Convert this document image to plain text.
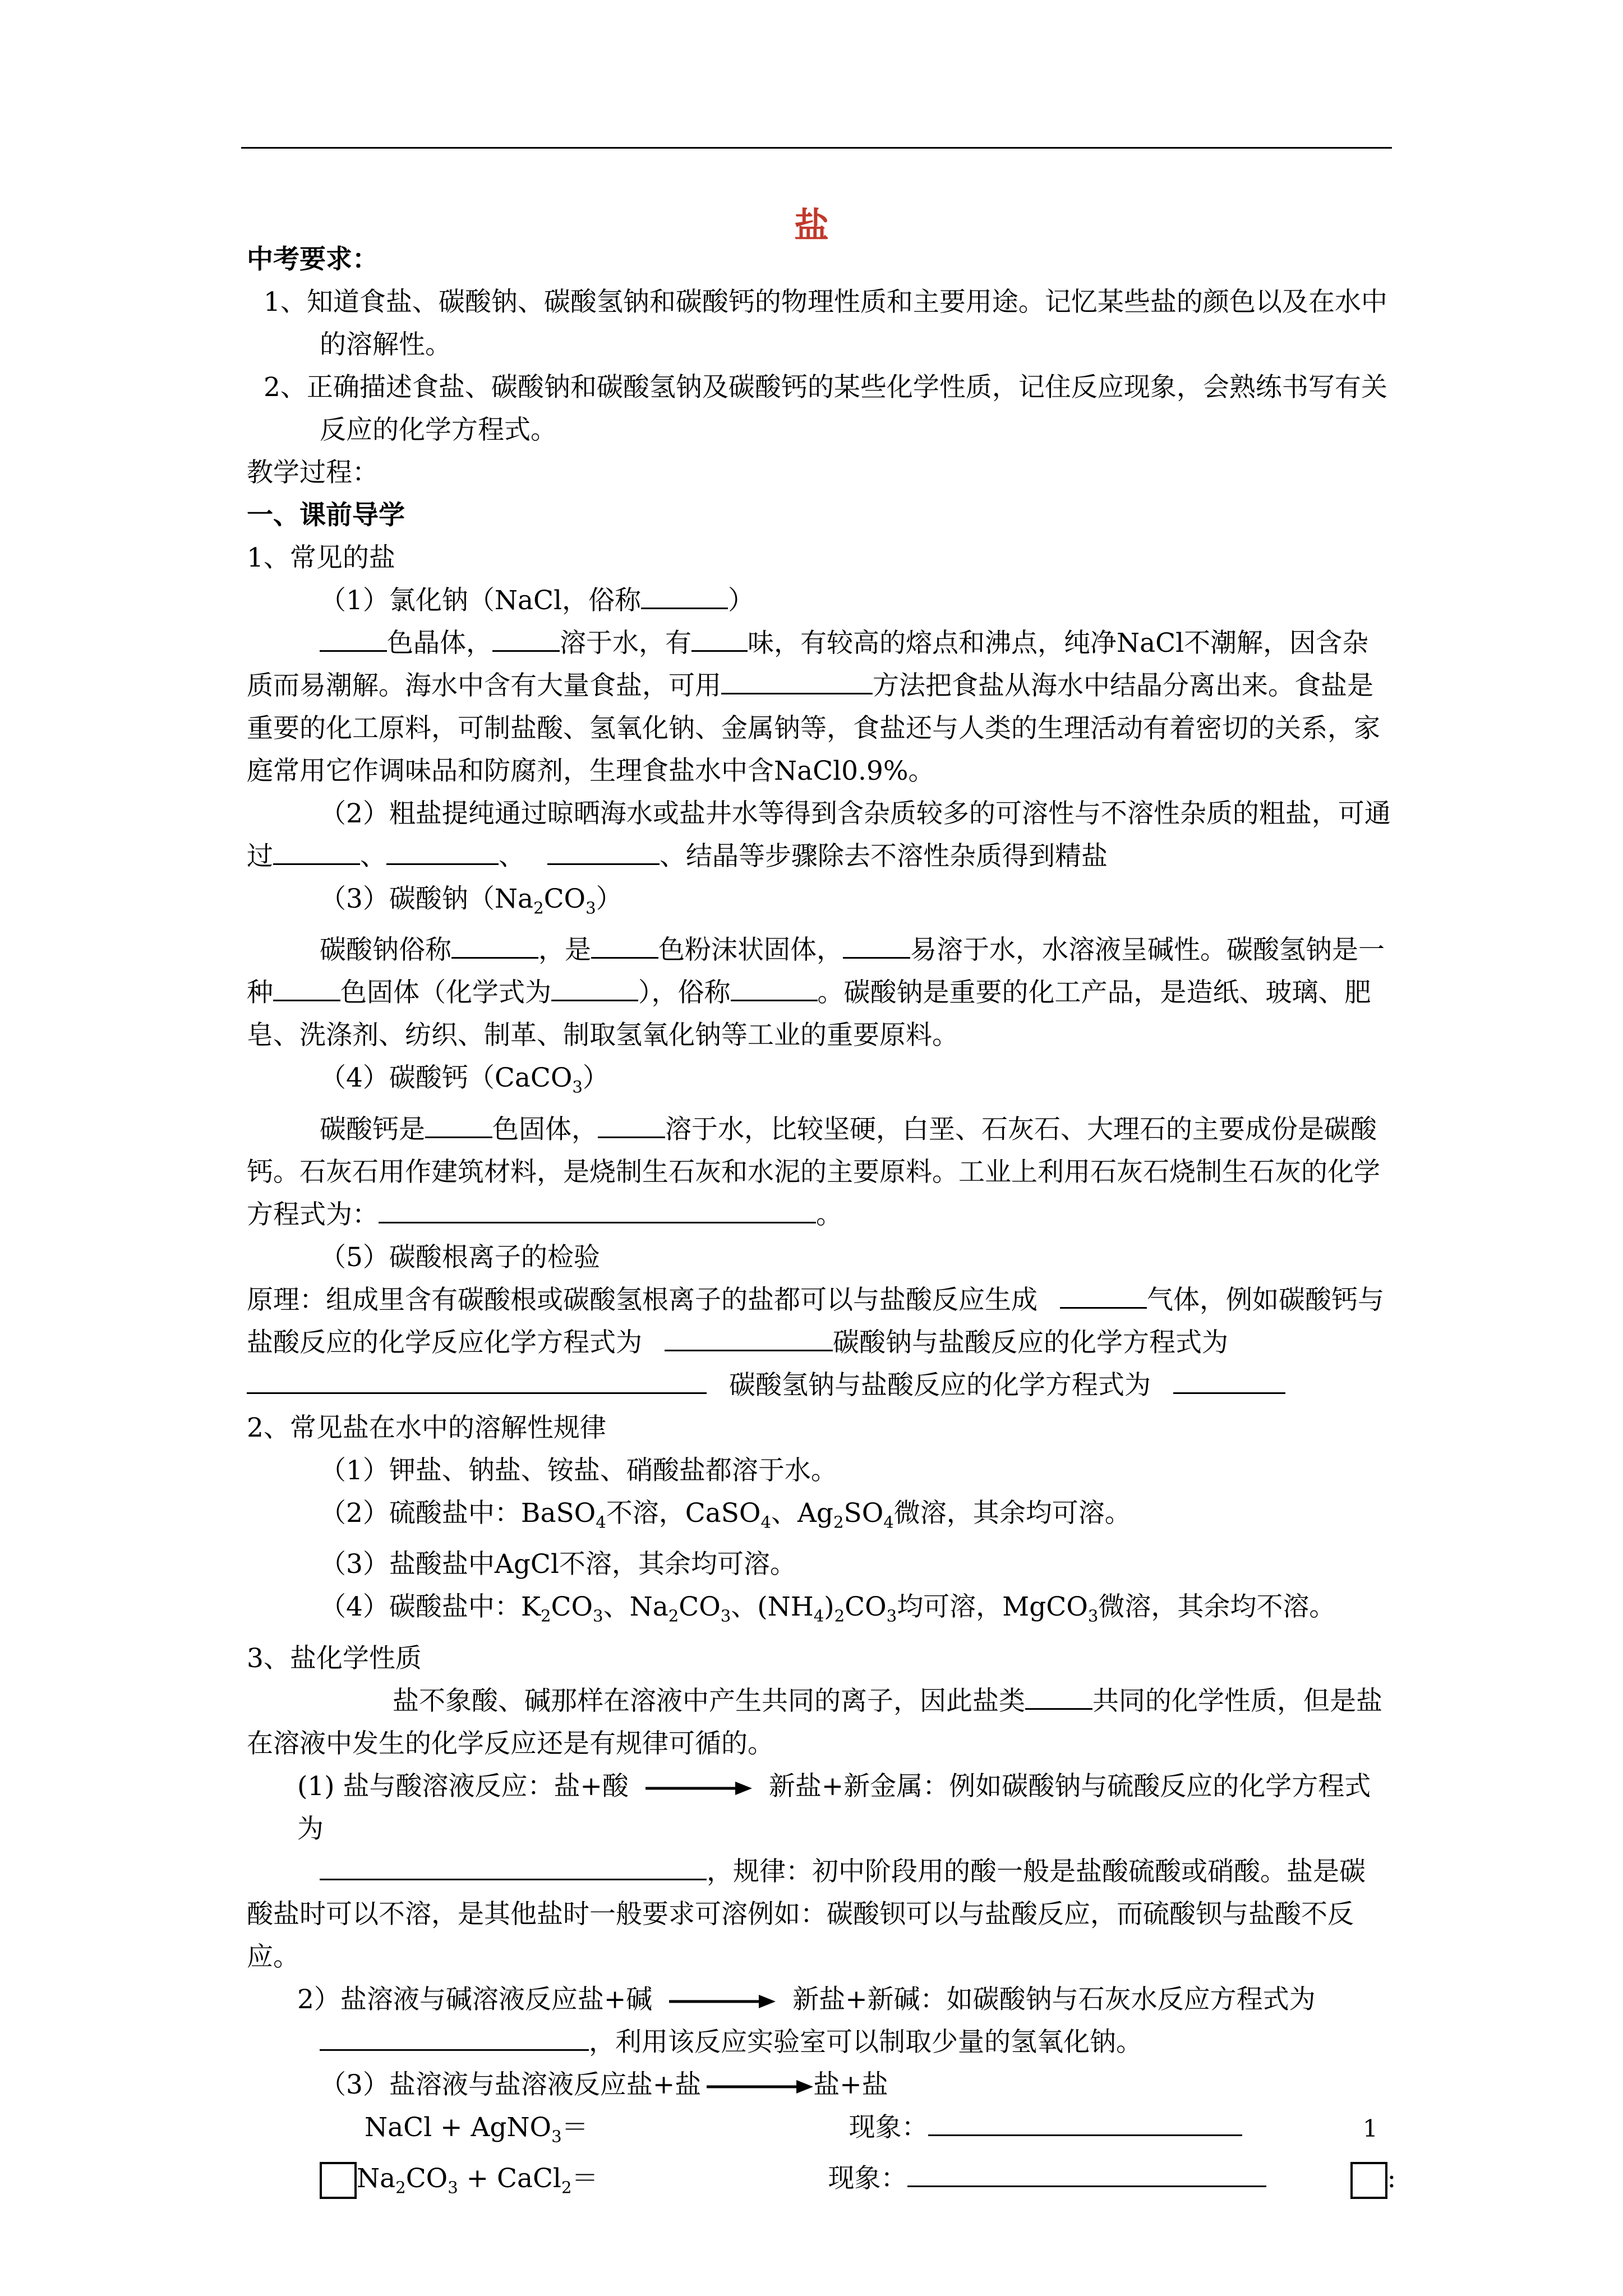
盐

中考要求：

1、知道食盐、碳酸钠、碳酸氢钠和碳酸钙的物理性质和主要用途。记忆某些盐的颜色以及在水中的溶解性。

2、正确描述食盐、碳酸钠和碳酸氢钠及碳酸钙的某些化学性质，记住反应现象，会熟练书写有关反应的化学方程式。

教学过程：

一、课前导学

1、常见的盐

（1）氯化钠（NaCl，俗称	）

色晶体，	溶于水，有 味，有较高的熔点和沸点，纯净NaCl不潮解，因含杂质而易潮解。海水中含有大量食盐，可用	方法把食盐从海水中结晶分离出来。食盐是重要的化工原料，可制盐酸、氢氧化钠、金属钠等，食盐还与人类的生理活动有着密切的关系，家庭常用它作调味品和防腐剂，生理食盐水中含NaCl0.9%。

（2）粗盐提纯通过晾晒海水或盐井水等得到含杂质较多的可溶性与不溶性杂质的粗盐，可通过	、	、	、结晶等步骤除去不溶性杂质得到精盐

（3）碳酸钠$(Na_2CO_3)$

碳酸钠俗称	，是	色粉沫状固体，	易溶于水，水溶液呈碱性。碳酸氢钠是一种	色固体（化学式为	），俗称	。碳酸钠是重要的化工产品，是造纸、玻璃、肥皂、洗涤剂、纺织、制革、制取氢氧化钠等工业的重要原料。

（4）碳酸钙（CaCO$_3$）

碳酸钙是	色固体，	溶于水，比较坚硬，白垩、石灰石、大理石的主要成份是碳酸钙。石灰石用作建筑材料，是烧制生石灰和水泥的主要原料。工业上利用石灰石烧制生石灰的化学方程式为：	。

（5）碳酸根离子的检验

原理：组成里含有碳酸根或碳酸氢根离子的盐都可以与盐酸反应生成	气体，例如碳酸钙与盐酸反应的化学反应化学方程式为	碳酸钠与盐酸反应的化学方程式为碳酸氢钠与盐酸反应的化学方程式为

2、常见盐在水中的溶解性规律

（1）钾盐、钠盐、铵盐、硝酸盐都溶于水。

（2）硫酸盐中：BaSO$_4$不溶，CaSO$_4$、$Ag_2SO_4$微溶，其余均可溶。

（3）盐酸盐中AgCl不溶，其余均可溶。

（4）碳酸盐中：$K_2CO_3$、$Na_2CO_3$、$(NH_4)_2CO_3$均可溶，MgCO$_3$微溶，其余均不溶。

3、盐化学性质

盐不象酸、碱那样在溶液中产生共同的离子，因此盐类	共同的化学性质，但是盐在溶液中发生的化学反应还是有规律可循的。

(1) 盐与酸溶液反应：盐+酸	新盐+新金属：例如碳酸钠与硫酸反应的化学方程式为

，规律：初中阶段用的酸一般是盐酸硫酸或硝酸。盐是碳酸盐时可以不溶，是其他盐时一般要求可溶例如：碳酸钡可以与盐酸反应，而硫酸钡与盐酸不反应。

2）盐溶液与碱溶液反应盐+碱	新盐+新碱：如碳酸钠与石灰水反应方程式为

，利用该反应实验室可以制取少量的氢氧化钠。

（3）盐溶液与盐溶液反应盐+盐	盐+盐

NaCl + AgNO$_3$＝	现象：

$Na_2CO_3$ + CaCl$_2$＝	现象：	:

1
